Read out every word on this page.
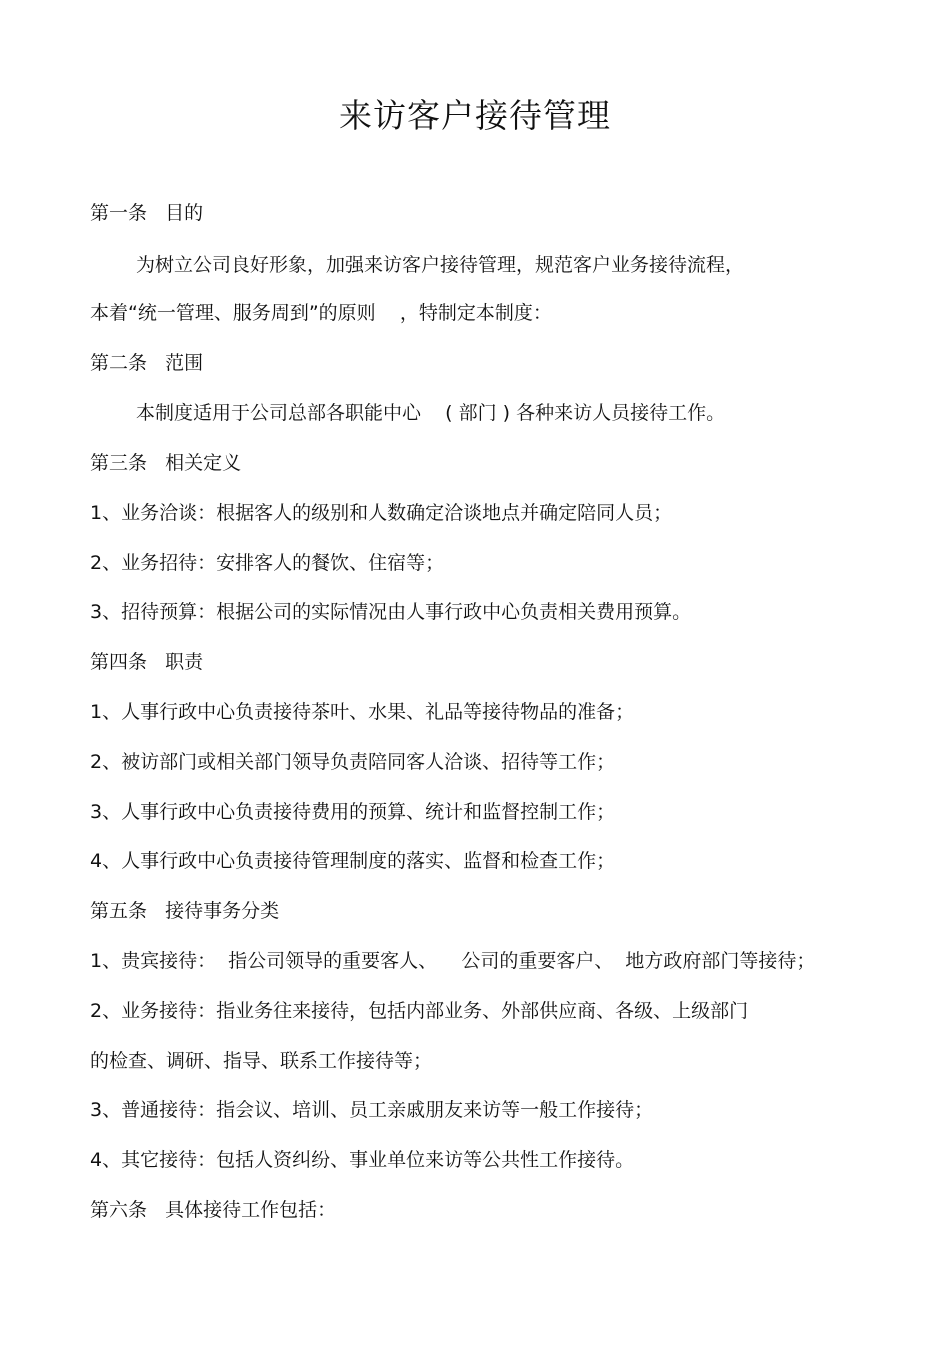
来访客户接待管理
第一条   目的
为树立公司良好形象，加强来访客户接待管理，规范客户业务接待流程，
本着“统一管理、服务周到”的原则    ，特制定本制度：
第二条   范围
本制度适用于公司总部各职能中心    ( 部门 ) 各种来访人员接待工作。
第三条   相关定义
1、业务洽谈：根据客人的级别和人数确定洽谈地点并确定陪同人员；
2、业务招待：安排客人的餐饮、住宿等；
3、招待预算：根据公司的实际情况由人事行政中心负责相关费用预算。
第四条   职责
1、人事行政中心负责接待茶叶、水果、礼品等接待物品的准备；
2、被访部门或相关部门领导负责陪同客人洽谈、招待等工作；
3、人事行政中心负责接待费用的预算、统计和监督控制工作；
4、人事行政中心负责接待管理制度的落实、监督和检查工作；
第五条   接待事务分类
1、贵宾接待：  指公司领导的重要客人、    公司的重要客户、  地方政府部门等接待；
2、业务接待：指业务往来接待，包括内部业务、外部供应商、各级、上级部门
的检查、调研、指导、联系工作接待等；
3、普通接待：指会议、培训、员工亲戚朋友来访等一般工作接待；
4、其它接待：包括人资纠纷、事业单位来访等公共性工作接待。
第六条   具体接待工作包括：
